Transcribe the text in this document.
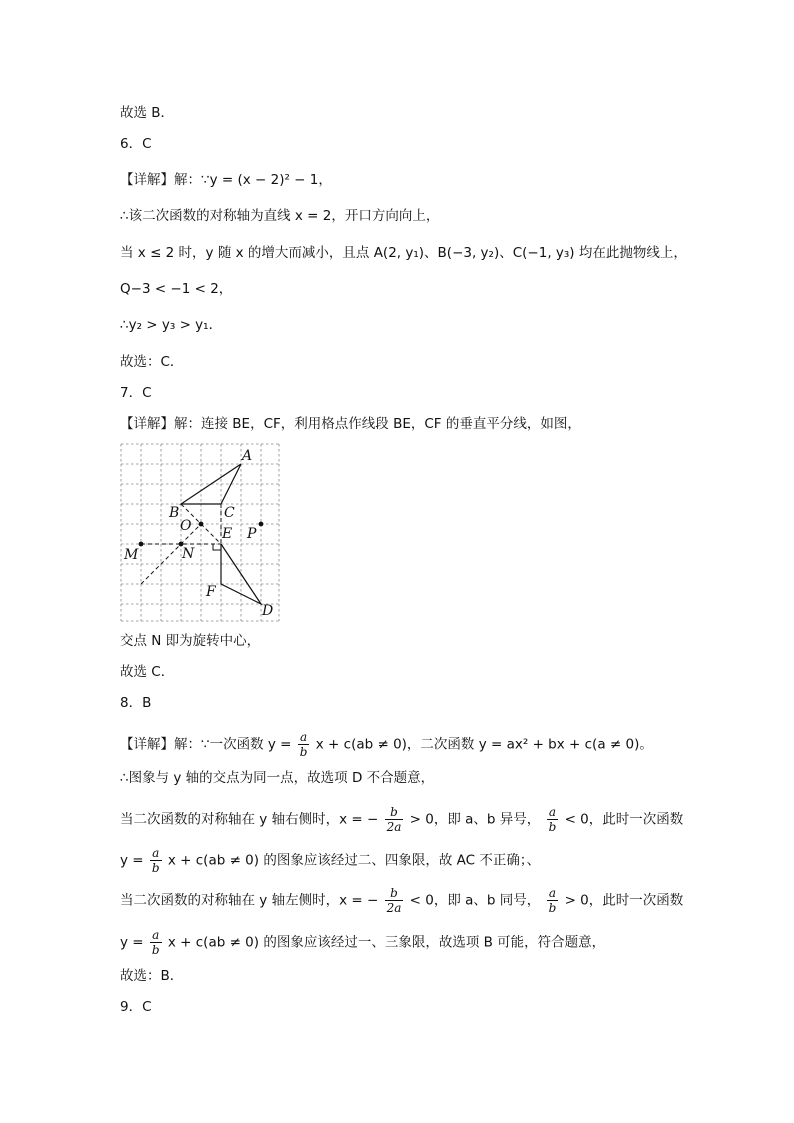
故选 B．
6．C
【详解】解：∵y = (x − 2)² − 1，
∴该二次函数的对称轴为直线 x = 2，开口方向向上，
当 x ≤ 2 时，y 随 x 的增大而减小，且点 A(2, y₁)、B(−3, y₂)、C(−1, y₃) 均在此抛物线上，
Q−3 < −1 < 2，
∴y₂ > y₃ > y₁．
故选：C．
7．C
【详解】解：连接 BE，CF，利用格点作线段 BE，CF 的垂直平分线，如图，
A
B	C
O E P
M	N
F
D
交点 N 即为旋转中心，
故选 C．
8．B
【详解】解：∵一次函数 $y = \frac{a}{b}$ x + c(ab ≠ 0)，二次函数 y = ax² + bx + c(a ≠ 0)。
∴图象与 y 轴的交点为同一点，故选项 D 不合题意，
当二次函数的对称轴在 y 轴右侧时，x = − $\frac{b}{2a} > 0$，即 a、b 异号， $\frac{a}{b} < 0$，此时一次函数
$y = \frac{a}{b}$ x + c(ab ≠ 0) 的图象应该经过二、四象限，故 AC 不正确；、
当二次函数的对称轴在 y 轴左侧时，x = − $\frac{b}{2a} < 0$，即 a、b 同号， $\frac{a}{b} > 0$，此时一次函数
$y = \frac{a}{b}$ x + c(ab ≠ 0) 的图象应该经过一、三象限，故选项 B 可能，符合题意，
故选：B．
9．C
